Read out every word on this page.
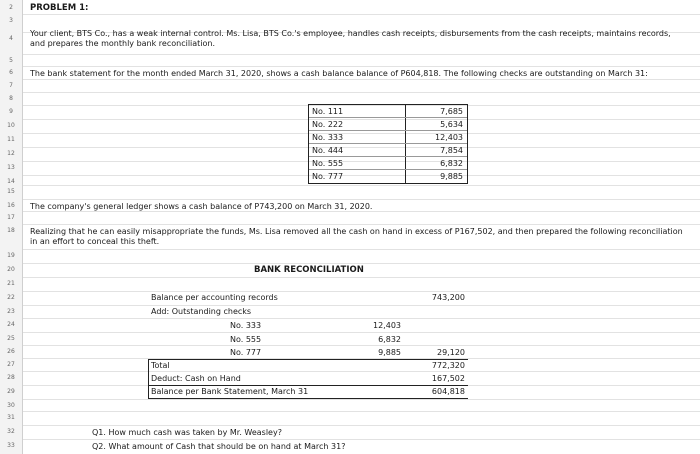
2
3
4
5
6
7
8
9
10
11
12
13
14
15
16
17
18
19
20
21
22
23
24
25
26
27
28
29
30
31
32
33
PROBLEM 1:
Your client, BTS Co., has a weak internal control. Ms. Lisa, BTS Co.'s employee, handles cash receipts, disbursements from the cash receipts, maintains records, and prepares the monthly bank reconciliation.
The bank statement for the month ended March 31, 2020, shows a cash balance balance of P604,818. The following checks are outstanding on March 31:
No. 111	7,685
No. 222	5,634
No. 333	12,403
No. 444	7,854
No. 555	6,832
No. 777	9,885
The company's general ledger shows a cash balance of P743,200 on March 31, 2020.
Realizing that he can easily misappropriate the funds, Ms. Lisa removed all the cash on hand in excess of P167,502, and then prepared the following reconciliation in an effort to conceal this theft.
BANK RECONCILIATION
Balance per accounting records	743,200
Add: Outstanding checks
No. 333	12,403
No. 555	6,832
No. 777	9,885	29,120
Total	772,320
Deduct: Cash on Hand	167,502
Balance per Bank Statement, March 31	604,818
Q1. How much cash was taken by Mr. Weasley?
Q2. What amount of Cash that should be on hand at March 31?
